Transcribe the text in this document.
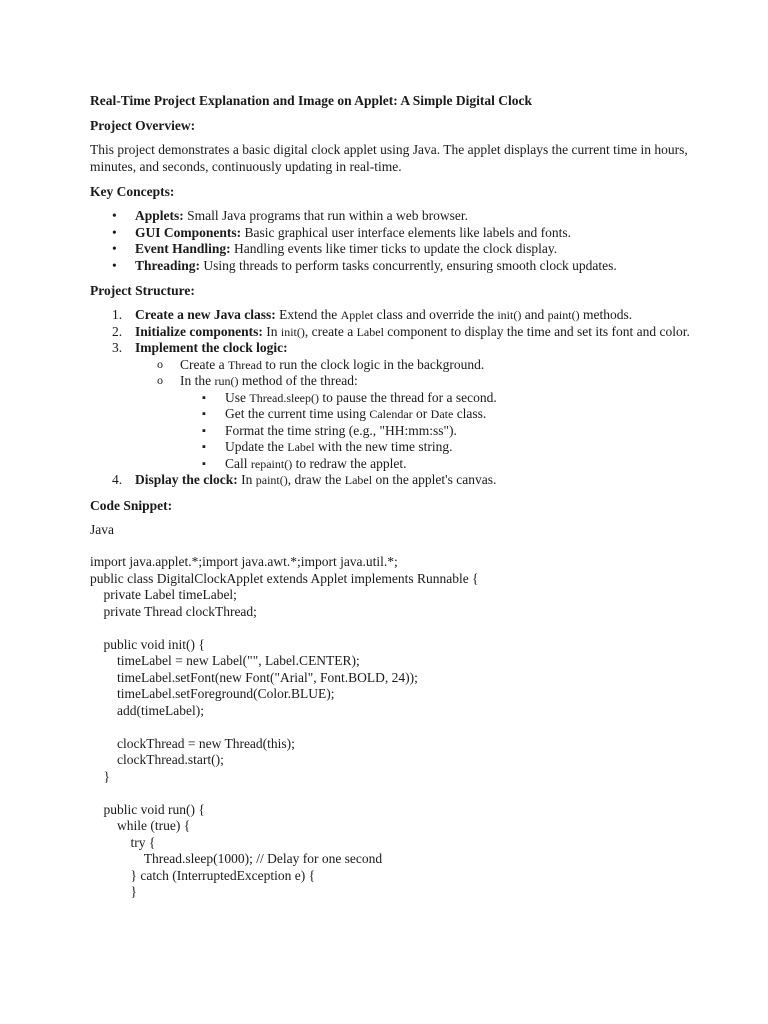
Real-Time Project Explanation and Image on Applet: A Simple Digital Clock

Project Overview:

This project demonstrates a basic digital clock applet using Java. The applet displays the current time in hours, minutes, and seconds, continuously updating in real-time.

Key Concepts:

• Applets: Small Java programs that run within a web browser.
• GUI Components: Basic graphical user interface elements like labels and fonts.
• Event Handling: Handling events like timer ticks to update the clock display.
• Threading: Using threads to perform tasks concurrently, ensuring smooth clock updates.

Project Structure:

1. Create a new Java class: Extend the Applet class and override the init() and paint() methods.
2. Initialize components: In init(), create a Label component to display the time and set its font and color.
3. Implement the clock logic:
o Create a Thread to run the clock logic in the background.
o In the run() method of the thread:
▪ Use Thread.sleep() to pause the thread for a second.
▪ Get the current time using Calendar or Date class.
▪ Format the time string (e.g., "HH:mm:ss").
▪ Update the Label with the new time string.
▪ Call repaint() to redraw the applet.
4. Display the clock: In paint(), draw the Label on the applet's canvas.

Code Snippet:

Java

import java.applet.*;import java.awt.*;import java.util.*;
public class DigitalClockApplet extends Applet implements Runnable {
private Label timeLabel;
private Thread clockThread;

public void init() {
timeLabel = new Label("", Label.CENTER);
timeLabel.setFont(new Font("Arial", Font.BOLD, 24));
timeLabel.setForeground(Color.BLUE);
add(timeLabel);

clockThread = new Thread(this);
clockThread.start();
}

public void run() {
while (true) {
try {
Thread.sleep(1000); // Delay for one second
} catch (InterruptedException e) {
}
